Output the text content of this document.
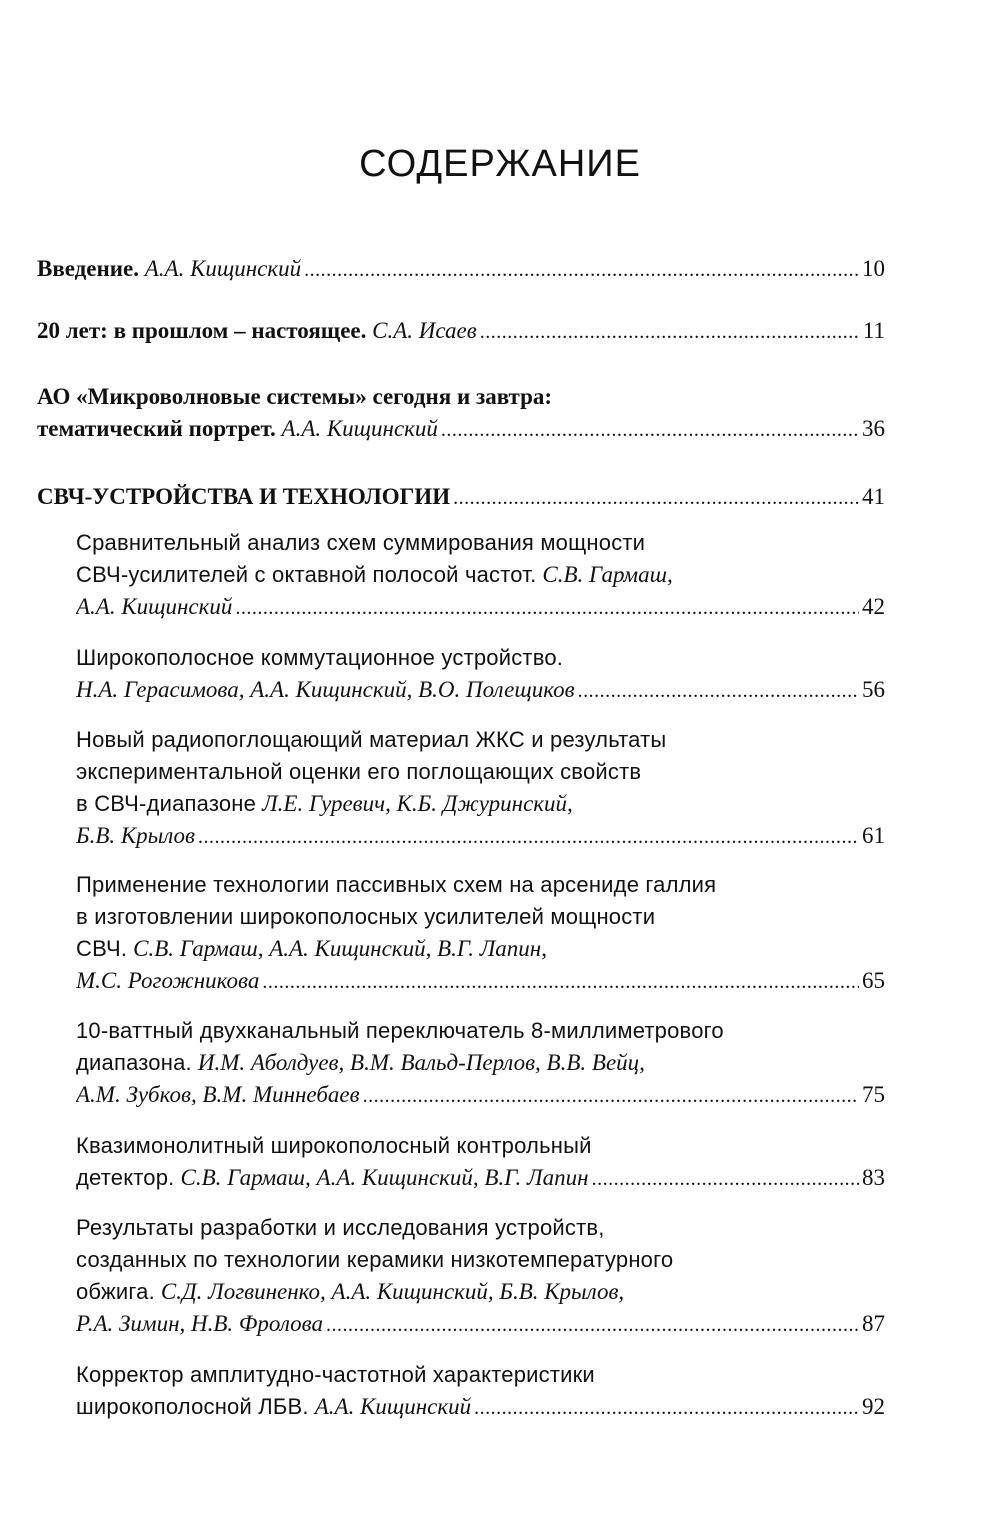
СОДЕРЖАНИЕ
Введение. А.А. Кищинский .....	10
20 лет: в прошлом – настоящее. С.А. Исаев .....	11
АО «Микроволновые системы» сегодня и завтра:
тематический портрет. А.А. Кищинский .....	36
СВЧ-УСТРОЙСТВА И ТЕХНОЛОГИИ .....	41
Сравнительный анализ схем суммирования мощности
СВЧ-усилителей с октавной полосой частот. С.В. Гармаш,
А.А. Кищинский .....	42
Широкополосное коммутационное устройство.
Н.А. Герасимова, А.А. Кищинский, В.О. Полещиков .....	56
Новый радиопоглощающий материал ЖКС и результаты
экспериментальной оценки его поглощающих свойств
в СВЧ-диапазоне Л.Е. Гуревич, К.Б. Джуринский,
Б.В. Крылов .....	61
Применение технологии пассивных схем на арсениде галлия
в изготовлении широкополосных усилителей мощности
СВЧ. С.В. Гармаш, А.А. Кищинский, В.Г. Лапин,
М.С. Рогожникова .....	65
10-ваттный двухканальный переключатель 8-миллиметрового
диапазона. И.М. Аболдуев, В.М. Вальд-Перлов, В.В. Вейц,
А.М. Зубков, В.М. Миннебаев .....	75
Квазимонолитный широкополосный контрольный
детектор. С.В. Гармаш, А.А. Кищинский, В.Г. Лапин .....	83
Результаты разработки и исследования устройств,
созданных по технологии керамики низкотемпературного
обжига. С.Д. Логвиненко, А.А. Кищинский, Б.В. Крылов,
Р.А. Зимин, Н.В. Фролова .....	87
Корректор амплитудно-частотной характеристики
широкополосной ЛБВ. А.А. Кищинский .....	92
